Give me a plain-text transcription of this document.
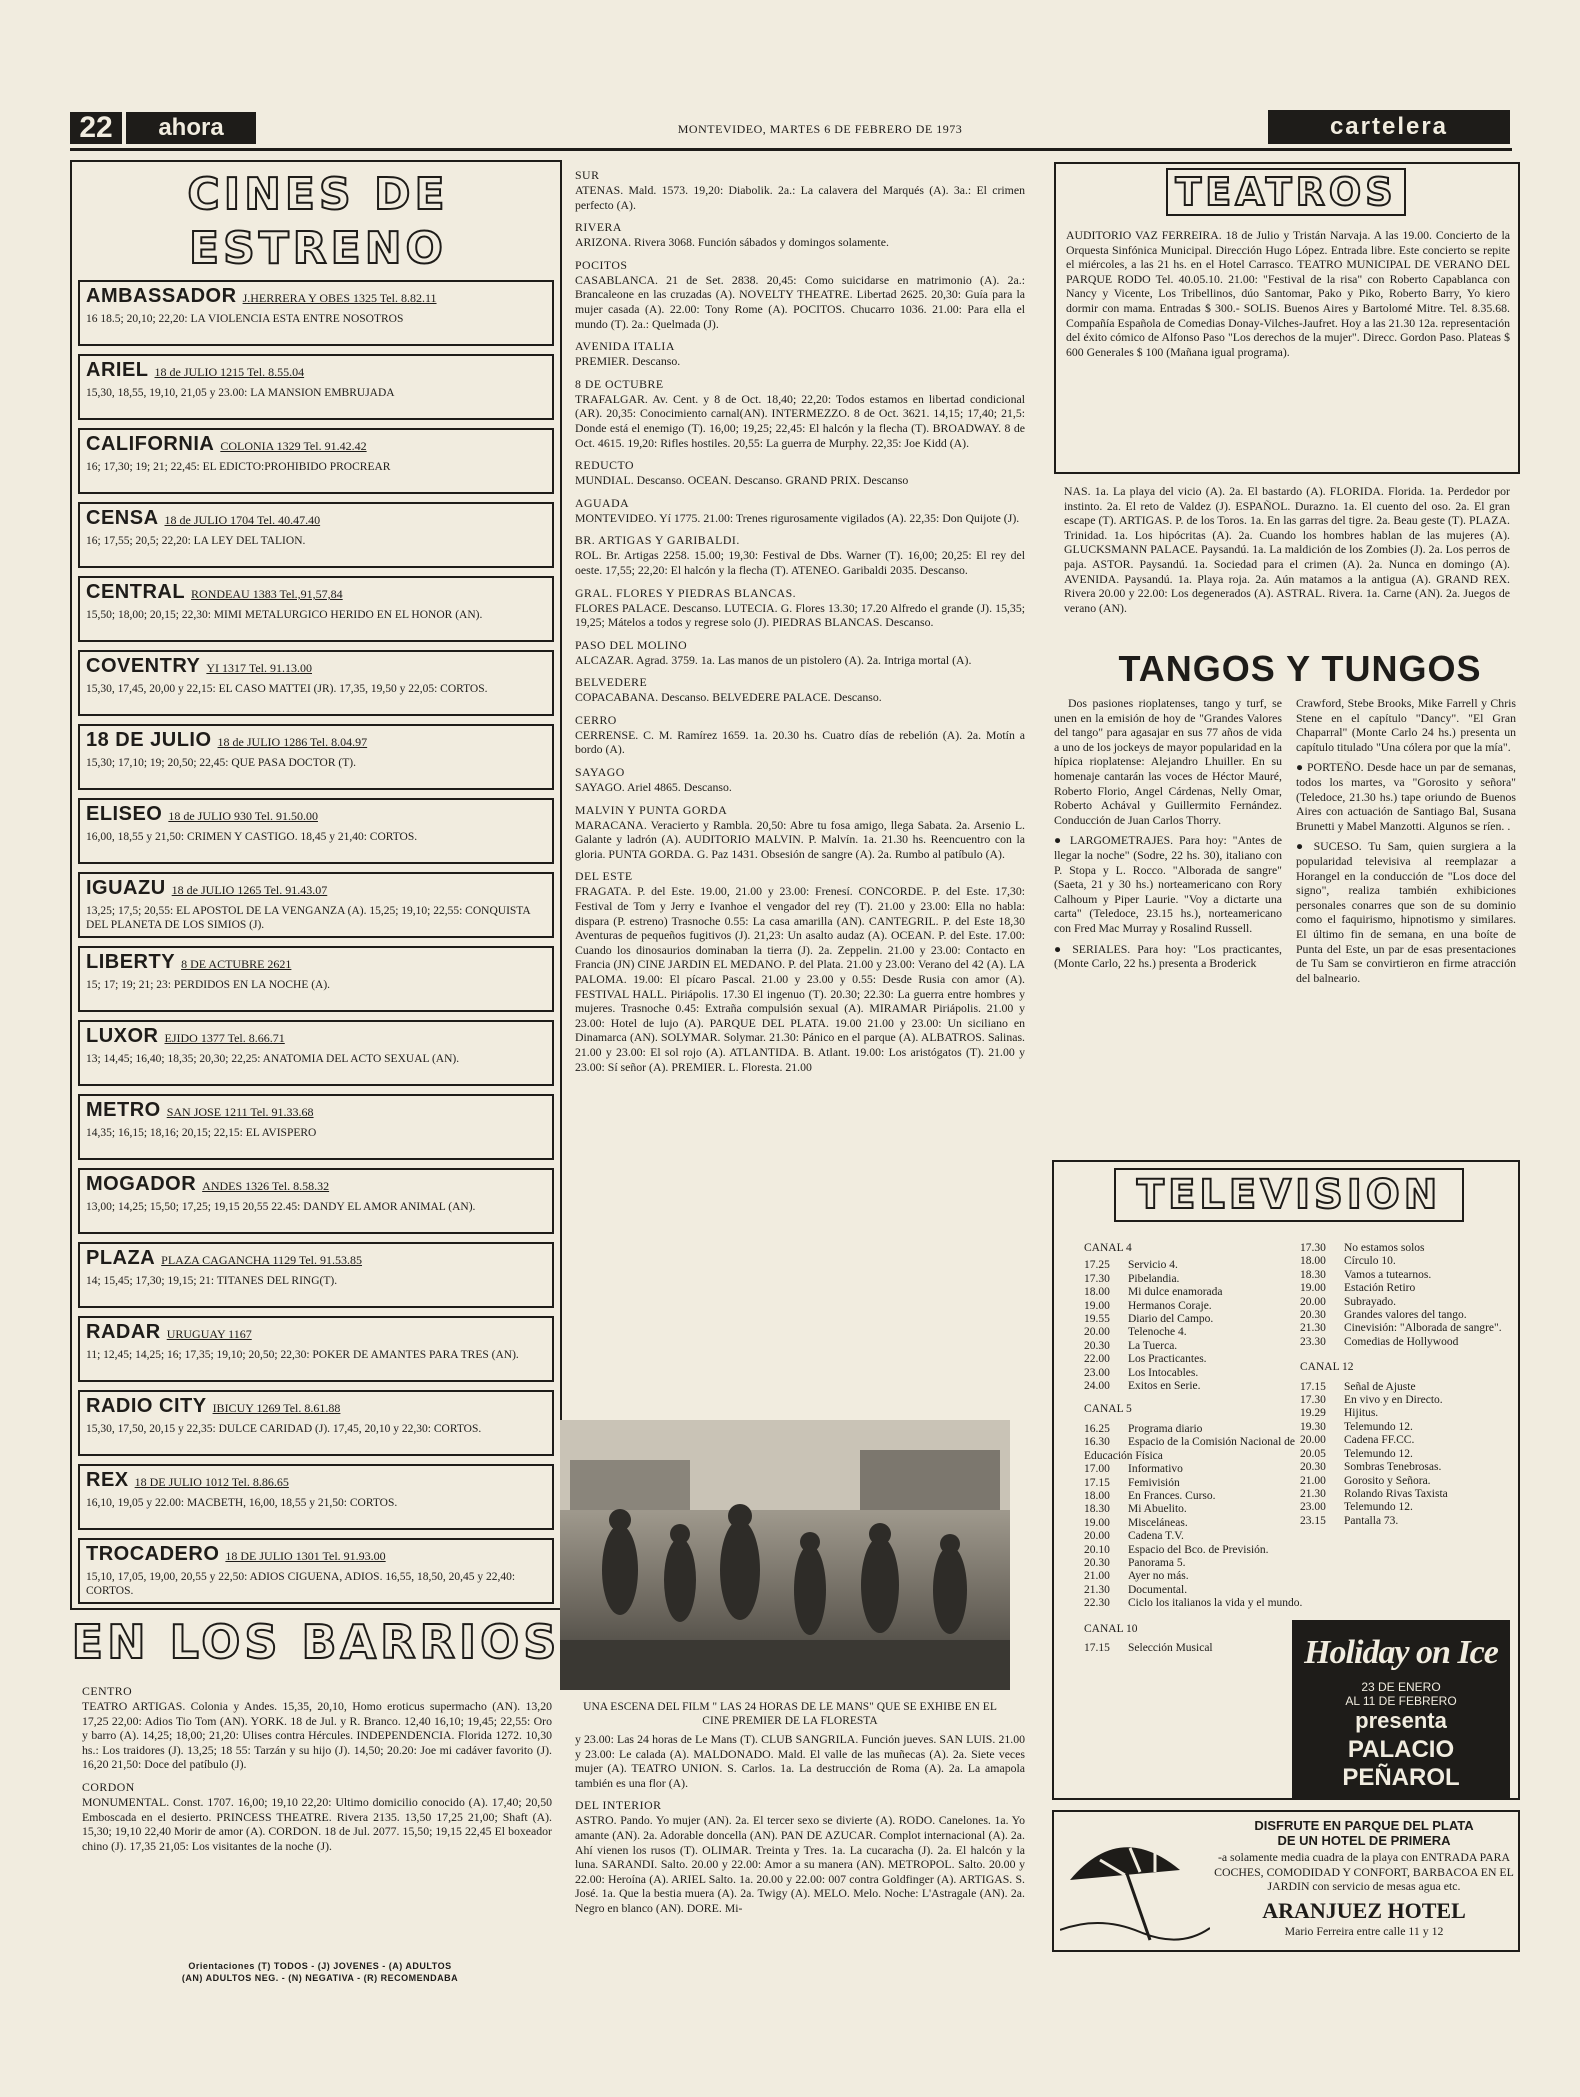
22	ahora	MONTEVIDEO, MARTES 6 DE FEBRERO DE 1973	cartelera
CINES DE ESTRENO
AMBASSADOR J.HERRERA Y OBES 1325 Tel. 8.82.11
16 18.5; 20,10; 22,20: LA VIOLENCIA ESTA ENTRE NOSOTROS
ARIEL 18 de JULIO 1215 Tel. 8.55.04
15,30, 18,55, 19,10, 21,05 y 23.00: LA MANSION EMBRUJADA
CALIFORNIA COLONIA 1329 Tel. 91.42.42
16; 17,30; 19; 21; 22,45: EL EDICTO:PROHIBIDO PROCREAR
CENSA 18 de JULIO 1704 Tel. 40.47.40
16; 17,55; 20,5; 22,20: LA LEY DEL TALION.
CENTRAL RONDEAU 1383 Tel.,91,57,84
15,50; 18,00; 20,15; 22,30: MIMI METALURGICO HERIDO EN EL HONOR (AN).
COVENTRY YI 1317 Tel. 91.13.00
15,30, 17,45, 20,00 y 22,15: EL CASO MATTEI (JR). 17,35, 19,50 y 22,05: CORTOS.
18 DE JULIO 18 de JULIO 1286 Tel. 8.04.97
15,30; 17,10; 19; 20,50; 22,45: QUE PASA DOCTOR (T).
ELISEO 18 de JULIO 930 Tel. 91.50.00
16,00, 18,55 y 21,50: CRIMEN Y CASTIGO. 18,45 y 21,40: CORTOS.
IGUAZU 18 de JULIO 1265 Tel. 91.43.07
13,25; 17,5; 20,55: EL APOSTOL DE LA VENGANZA (A). 15,25; 19,10; 22,55: CONQUISTA DEL PLANETA DE LOS SIMIOS (J).
LIBERTY 8 DE ACTUBRE 2621
15; 17; 19; 21; 23: PERDIDOS EN LA NOCHE (A).
LUXOR EJIDO 1377 Tel. 8.66.71
13; 14,45; 16,40; 18,35; 20,30; 22,25: ANATOMIA DEL ACTO SEXUAL (AN).
METRO SAN JOSE 1211 Tel. 91.33.68
14,35; 16,15; 18,16; 20,15; 22,15: EL AVISPERO
MOGADOR ANDES 1326 Tel. 8.58.32
13,00; 14,25; 15,50; 17,25; 19,15 20,55 22.45: DANDY EL AMOR ANIMAL (AN).
PLAZA PLAZA CAGANCHA 1129 Tel. 91.53.85
14; 15,45; 17,30; 19,15; 21: TITANES DEL RING(T).
RADAR URUGUAY 1167
11; 12,45; 14,25; 16; 17,35; 19,10; 20,50; 22,30: POKER DE AMANTES PARA TRES (AN).
RADIO CITY IBICUY 1269 Tel. 8.61.88
15,30, 17,50, 20,15 y 22,35: DULCE CARIDAD (J). 17,45, 20,10 y 22,30: CORTOS.
REX 18 DE JULIO 1012 Tel. 8.86.65
16,10, 19,05 y 22.00: MACBETH, 16,00, 18,55 y 21,50: CORTOS.
TROCADERO 18 DE JULIO 1301 Tel. 91.93.00
15,10, 17,05, 19,00, 20,55 y 22,50: ADIOS CIGUENA, ADIOS. 16,55, 18,50, 20,45 y 22,40: CORTOS.
EN LOS BARRIOS
CENTRO
TEATRO ARTIGAS. Colonia y Andes. 15,35, 20,10, Homo eroticus supermacho (AN). 13,20 17,25 22,00: Adios Tio Tom (AN). YORK. 18 de Jul. y R. Branco. 12,40 16,10; 19,45; 22,55: Oro y barro (A). 14,25; 18,00; 21,20: Ulises contra Hércules. INDEPENDENCIA. Florida 1272. 10,30 hs.: Los traidores (J). 13,25; 18 55: Tarzán y su hijo (J). 14,50; 20.20: Joe mi cadáver favorito (J). 16,20 21,50: Doce del patíbulo (J).
CORDON
MONUMENTAL. Const. 1707. 16,00; 19,10 22,20: Ultimo domicilio conocido (A). 17,40; 20,50 Emboscada en el desierto. PRINCESS THEATRE. Rivera 2135. 13,50 17,25 21,00; Shaft (A). 15,30; 19,10 22,40 Morir de amor (A). CORDON. 18 de Jul. 2077. 15,50; 19,15 22,45 El boxeador chino (J). 17,35 21,05: Los visitantes de la noche (J).
Orientaciones (T) TODOS - (J) JOVENES - (A) ADULTOS
(AN) ADULTOS NEG. - (N) NEGATIVA - (R) RECOMENDABA
SUR
ATENAS. Mald. 1573. 19,20: Diabolik. 2a.: La calavera del Marqués (A). 3a.: El crimen perfecto (A).
RIVERA
ARIZONA. Rivera 3068. Función sábados y domingos solamente.
POCITOS
CASABLANCA. 21 de Set. 2838. 20,45: Como suicidarse en matrimonio (A). 2a.: Brancaleone en las cruzadas (A). NOVELTY THEATRE. Libertad 2625. 20,30: Guía para la mujer casada (A). 22.00: Tony Rome (A). POCITOS. Chucarro 1036. 21.00: Para ella el mundo (T). 2a.: Quelmada (J).
AVENIDA ITALIA
PREMIER. Descanso.
8 DE OCTUBRE
TRAFALGAR. Av. Cent. y 8 de Oct. 18,40; 22,20: Todos estamos en libertad condicional (AR). 20,35: Conocimiento carnal(AN). INTERMEZZO. 8 de Oct. 3621. 14,15; 17,40; 21,5: Donde está el enemigo (T). 16,00; 19,25; 22,45: El halcón y la flecha (T). BROADWAY. 8 de Oct. 4615. 19,20: Rifles hostiles. 20,55: La guerra de Murphy. 22,35: Joe Kidd (A).
REDUCTO
MUNDIAL. Descanso. OCEAN. Descanso. GRAND PRIX. Descanso
AGUADA
MONTEVIDEO. Yí 1775. 21.00: Trenes rigurosamente vigilados (A). 22,35: Don Quijote (J).
BR. ARTIGAS Y GARIBALDI.
ROL. Br. Artigas 2258. 15.00; 19,30: Festival de Dbs. Warner (T). 16,00; 20,25: El rey del oeste. 17,55; 22,20: El halcón y la flecha (T). ATENEO. Garibaldi 2035. Descanso.
GRAL. FLORES Y PIEDRAS BLANCAS.
FLORES PALACE. Descanso. LUTECIA. G. Flores 13.30; 17.20 Alfredo el grande (J). 15,35; 19,25; Mátelos a todos y regrese solo (J). PIEDRAS BLANCAS. Descanso.
PASO DEL MOLINO
ALCAZAR. Agrad. 3759. 1a. Las manos de un pistolero (A). 2a. Intriga mortal (A).
BELVEDERE
COPACABANA. Descanso. BELVEDERE PALACE. Descanso.
CERRO
CERRENSE. C. M. Ramírez 1659. 1a. 20.30 hs. Cuatro días de rebelión (A). 2a. Motín a bordo (A).
SAYAGO
SAYAGO. Ariel 4865. Descanso.
MALVIN Y PUNTA GORDA
MARACANA. Veracierto y Rambla. 20,50: Abre tu fosa amigo, llega Sabata. 2a. Arsenio L. Galante y ladrón (A). AUDITORIO MALVIN. P. Malvín. 1a. 21.30 hs. Reencuentro con la gloria. PUNTA GORDA. G. Paz 1431. Obsesión de sangre (A). 2a. Rumbo al patíbulo (A).
DEL ESTE
FRAGATA. P. del Este. 19.00, 21.00 y 23.00: Frenesí. CONCORDE. P. del Este. 17,30: Festival de Tom y Jerry e Ivanhoe el vengador del rey (T). 21.00 y 23.00: Ella no habla: dispara (P. estreno) Trasnoche 0.55: La casa amarilla (AN). CANTEGRIL. P. del Este 18,30 Aventuras de pequeños fugitivos (J). 21,23: Un asalto audaz (A). OCEAN. P. del Este. 17.00: Cuando los dinosaurios dominaban la tierra (J). 2a. Zeppelin. 21.00 y 23.00: Contacto en Francia (JN) CINE JARDIN EL MEDANO. P. del Plata. 21.00 y 23.00: Verano del 42 (A). LA PALOMA. 19.00: El pícaro Pascal. 21.00 y 23.00 y 0.55: Desde Rusia con amor (A). FESTIVAL HALL. Piriápolis. 17.30 El ingenuo (T). 20.30; 22.30: La guerra entre hombres y mujeres. Trasnoche 0.45: Extraña compulsión sexual (A). MIRAMAR Piriápolis. 21.00 y 23.00: Hotel de lujo (A). PARQUE DEL PLATA. 19.00 21.00 y 23.00: Un siciliano en Dinamarca (AN). SOLYMAR. Solymar. 21.30: Pánico en el parque (A). ALBATROS. Salinas. 21.00 y 23.00: El sol rojo (A). ATLANTIDA. B. Atlant. 19.00: Los aristógatos (T). 21.00 y 23.00: Sí señor (A). PREMIER. L. Floresta. 21.00
UNA ESCENA DEL FILM " LAS 24 HORAS DE LE MANS" QUE SE EXHIBE EN EL CINE PREMIER DE LA FLORESTA
y 23.00: Las 24 horas de Le Mans (T). CLUB SANGRILA. Función jueves. SAN LUIS. 21.00 y 23.00: Le calada (A). MALDONADO. Mald. El valle de las muñecas (A). 2a. Siete veces mujer (A). TEATRO UNION. S. Carlos. 1a. La destrucción de Roma (A). 2a. La amapola también es una flor (A).
DEL INTERIOR
ASTRO. Pando. Yo mujer (AN). 2a. El tercer sexo se divierte (A). RODO. Canelones. 1a. Yo amante (AN). 2a. Adorable doncella (AN). PAN DE AZUCAR. Complot internacional (A). 2a. Ahí vienen los rusos (T). OLIMAR. Treinta y Tres. 1a. La cucaracha (J). 2a. El halcón y la luna. SARANDI. Salto. 20.00 y 22.00: Amor a su manera (AN). METROPOL. Salto. 20.00 y 22.00: Heroína (A). ARIEL Salto. 1a. 20.00 y 22.00: 007 contra Goldfinger (A). ARTIGAS. S. José. 1a. Que la bestia muera (A). 2a. Twigy (A). MELO. Melo. Noche: L'Astragale (AN). 2a. Negro en blanco (AN). DORE. Mi-
TEATROS
AUDITORIO VAZ FERREIRA. 18 de Julio y Tristán Narvaja. A las 19.00. Concierto de la Orquesta Sinfónica Municipal. Dirección Hugo López. Entrada libre. Este concierto se repite el miércoles, a las 21 hs. en el Hotel Carrasco. TEATRO MUNICIPAL DE VERANO DEL PARQUE RODO Tel. 40.05.10. 21.00: "Festival de la risa" con Roberto Capablanca con Nancy y Vicente, Los Tribellinos, dúo Santomar, Pako y Piko, Roberto Barry, Yo kiero dormir con mama. Entradas $ 300.- SOLIS. Buenos Aires y Bartolomé Mitre. Tel. 8.35.68. Compañía Española de Comedias Donay-Vilches-Jaufret. Hoy a las 21.30 12a. representación del éxito cómico de Alfonso Paso "Los derechos de la mujer". Direcc. Gordon Paso. Plateas $ 600 Generales $ 100 (Mañana igual programa).
NAS. 1a. La playa del vicio (A). 2a. El bastardo (A). FLORIDA. Florida. 1a. Perdedor por instinto. 2a. El reto de Valdez (J). ESPAÑOL. Durazno. 1a. El cuento del oso. 2a. El gran escape (T). ARTIGAS. P. de los Toros. 1a. En las garras del tigre. 2a. Beau geste (T). PLAZA. Trinidad. 1a. Los hipócritas (A). 2a. Cuando los hombres hablan de las mujeres (A). GLUCKSMANN PALACE. Paysandú. 1a. La maldición de los Zombies (J). 2a. Los perros de paja. ASTOR. Paysandú. 1a. Sociedad para el crimen (A). 2a. Nunca en domingo (A). AVENIDA. Paysandú. 1a. Playa roja. 2a. Aún matamos a la antigua (A). GRAND REX. Rivera 20.00 y 22.00: Los degenerados (A). ASTRAL. Rivera. 1a. Carne (AN). 2a. Juegos de verano (AN).
TANGOS Y TUNGOS
Dos pasiones rioplatenses, tango y turf, se unen en la emisión de hoy de "Grandes Valores del tango" para agasajar en sus 77 años de vida a uno de los jockeys de mayor popularidad en la hípica rioplatense: Alejandro Lhuiller. En su homenaje cantarán las voces de Héctor Mauré, Roberto Florio, Angel Cárdenas, Nelly Omar, Roberto Achával y Guillermito Fernández. Conducción de Juan Carlos Thorry.
● LARGOMETRAJES. Para hoy: "Antes de llegar la noche" (Sodre, 22 hs. 30), italiano con P. Stopa y L. Rocco. "Alborada de sangre" (Saeta, 21 y 30 hs.) norteamericano con Rory Calhoum y Piper Laurie. "Voy a dictarte una carta" (Teledoce, 23.15 hs.), norteamericano con Fred Mac Murray y Rosalind Russell.
● SERIALES. Para hoy: "Los practicantes, (Monte Carlo, 22 hs.) presenta a Broderick
Crawford, Stebe Brooks, Mike Farrell y Chris Stene en el capítulo "Dancy". "El Gran Chaparral" (Monte Carlo 24 hs.) presenta un capítulo titulado "Una cólera por que la mía".
● PORTEÑO. Desde hace un par de semanas, todos los martes, va "Gorosito y señora" (Teledoce, 21.30 hs.) tape oriundo de Buenos Aires con actuación de Santiago Bal, Susana Brunetti y Mabel Manzotti. Algunos se ríen. .
● SUCESO. Tu Sam, quien surgiera a la popularidad televisiva al reemplazar a Horangel en la conducción de "Los doce del signo", realiza también exhibiciones personales conarres que son de su dominio como el faquirismo, hipnotismo y similares. El último fin de semana, en una boíte de Punta del Este, un par de esas presentaciones de Tu Sam se convirtieron en firme atracción del balneario.
TELEVISION
CANAL 4
17.25 Servicio 4.
17.30 Pibelandia.
18.00 Mi dulce enamorada
19.00 Hermanos Coraje.
19.55 Diario del Campo.
20.00 Telenoche 4.
20.30 La Tuerca.
22.00 Los Practicantes.
23.00 Los Intocables.
24.00 Exitos en Serie.
CANAL 5
16.25 Programa diario
16.30 Espacio de la Comisión Nacional de Educación Física
17.00 Informativo
17.15 Femivisión
18.00 En Frances. Curso.
18.30 Mi Abuelito.
19.00 Misceláneas.
20.00 Cadena T.V.
20.10 Espacio del Bco. de Previsión.
20.30 Panorama 5.
21.00 Ayer no más.
21.30 Documental.
22.30 Ciclo los italianos la vida y el mundo.
CANAL 10
17.15 Selección Musical
17.30 No estamos solos
18.00 Círculo 10.
18.30 Vamos a tutearnos.
19.00 Estación Retiro
20.00 Subrayado.
20.30 Grandes valores del tango.
21.30 Cinevisión: "Alborada de sangre".
23.30 Comedias de Hollywood
CANAL 12
17.15 Señal de Ajuste
17.30 En vivo y en Directo.
19.29 Hijitus.
19.30 Telemundo 12.
20.00 Cadena FF.CC.
20.05 Telemundo 12.
20.30 Sombras Tenebrosas.
21.00 Gorosito y Señora.
21.30 Rolando Rivas Taxista
23.00 Telemundo 12.
23.15 Pantalla 73.
Holiday on Ice
23 DE ENERO
AL 11 DE FEBRERO
presenta
PALACIO PEÑAROL
DISFRUTE EN PARQUE DEL PLATA
DE UN HOTEL DE PRIMERA
-a solamente media cuadra de la playa con ENTRADA PARA COCHES, COMODIDAD Y CONFORT, BARBACOA EN EL JARDIN con servicio de mesas agua etc.
ARANJUEZ HOTEL
Mario Ferreira entre calle 11 y 12
